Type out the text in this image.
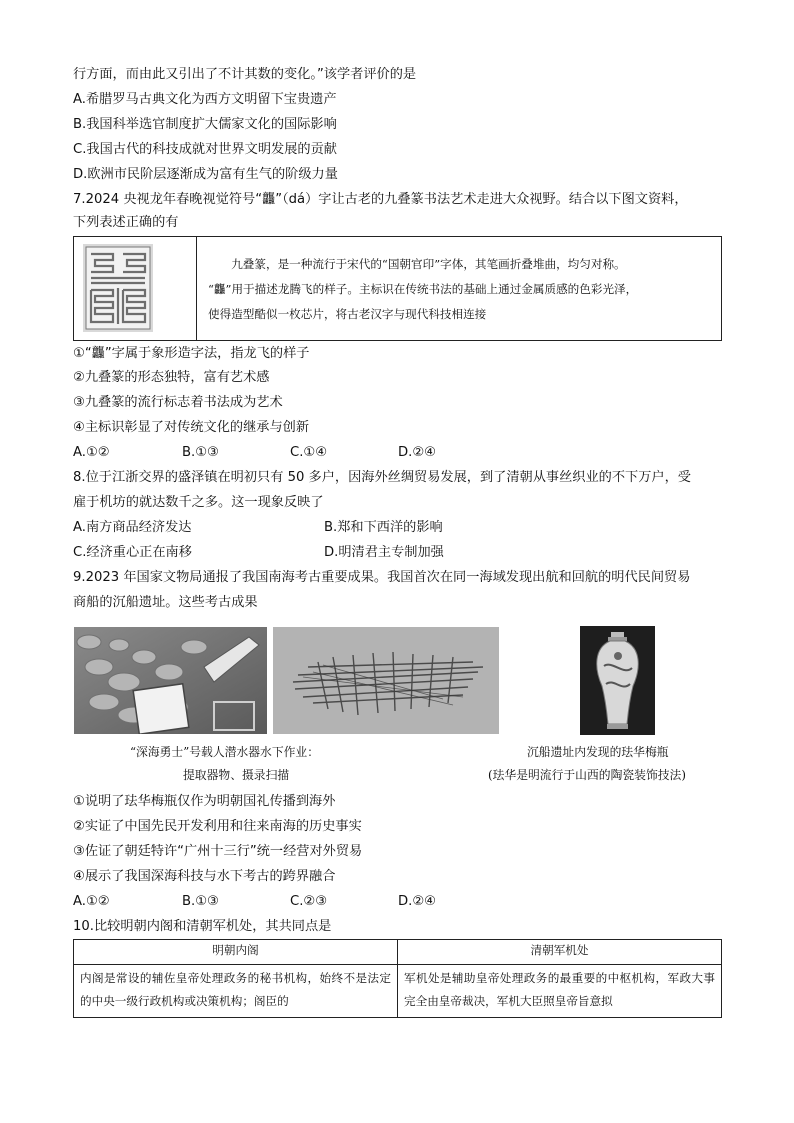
行方面，而由此又引出了不计其数的变化。”该学者评价的是
A.希腊罗马古典文化为西方文明留下宝贵遗产
B.我国科举选官制度扩大儒家文化的国际影响
C.我国古代的科技成就对世界文明发展的贡献
D.欧洲市民阶层逐渐成为富有生气的阶级力量
7.2024 央视龙年春晚视觉符号“龘”（dá）字让古老的九叠篆书法艺术走进大众视野。结合以下图文资料，
下列表述正确的有
九叠篆，是一种流行于宋代的“国朝官印”字体，其笔画折叠堆曲，均匀对称。
“龘”用于描述龙腾飞的样子。主标识在传统书法的基础上通过金属质感的色彩光泽，
使得造型酷似一枚芯片，将古老汉字与现代科技相连接
①“龘”字属于象形造字法，指龙飞的样子
②九叠篆的形态独特，富有艺术感
③九叠篆的流行标志着书法成为艺术
④主标识彰显了对传统文化的继承与创新
A.①②	B.①③	C.①④	D.②④
8.位于江浙交界的盛泽镇在明初只有 50 多户，因海外丝绸贸易发展，到了清朝从事丝织业的不下万户，受
雇于机坊的就达数千之多。这一现象反映了
A.南方商品经济发达	B.郑和下西洋的影响
C.经济重心正在南移	D.明清君主专制加强
9.2023 年国家文物局通报了我国南海考古重要成果。我国首次在同一海域发现出航和回航的明代民间贸易
商船的沉船遗址。这些考古成果
“深海勇士”号载人潜水器水下作业：
提取器物、摄录扫描
沉船遗址内发现的珐华梅瓶
(珐华是明流行于山西的陶瓷装饰技法)
①说明了珐华梅瓶仅作为明朝国礼传播到海外
②实证了中国先民开发利用和往来南海的历史事实
③佐证了朝廷特许“广州十三行”统一经营对外贸易
④展示了我国深海科技与水下考古的跨界融合
A.①②	B.①③	C.②③	D.②④
10.比较明朝内阁和清朝军机处，其共同点是
明朝内阁	清朝军机处
内阁是常设的辅佐皇帝处理政务的秘书机构，始终不是法定的中央一级行政机构或决策机构；阁臣的	军机处是辅助皇帝处理政务的最重要的中枢机构，军政大事完全由皇帝裁决，军机大臣照皇帝旨意拟
